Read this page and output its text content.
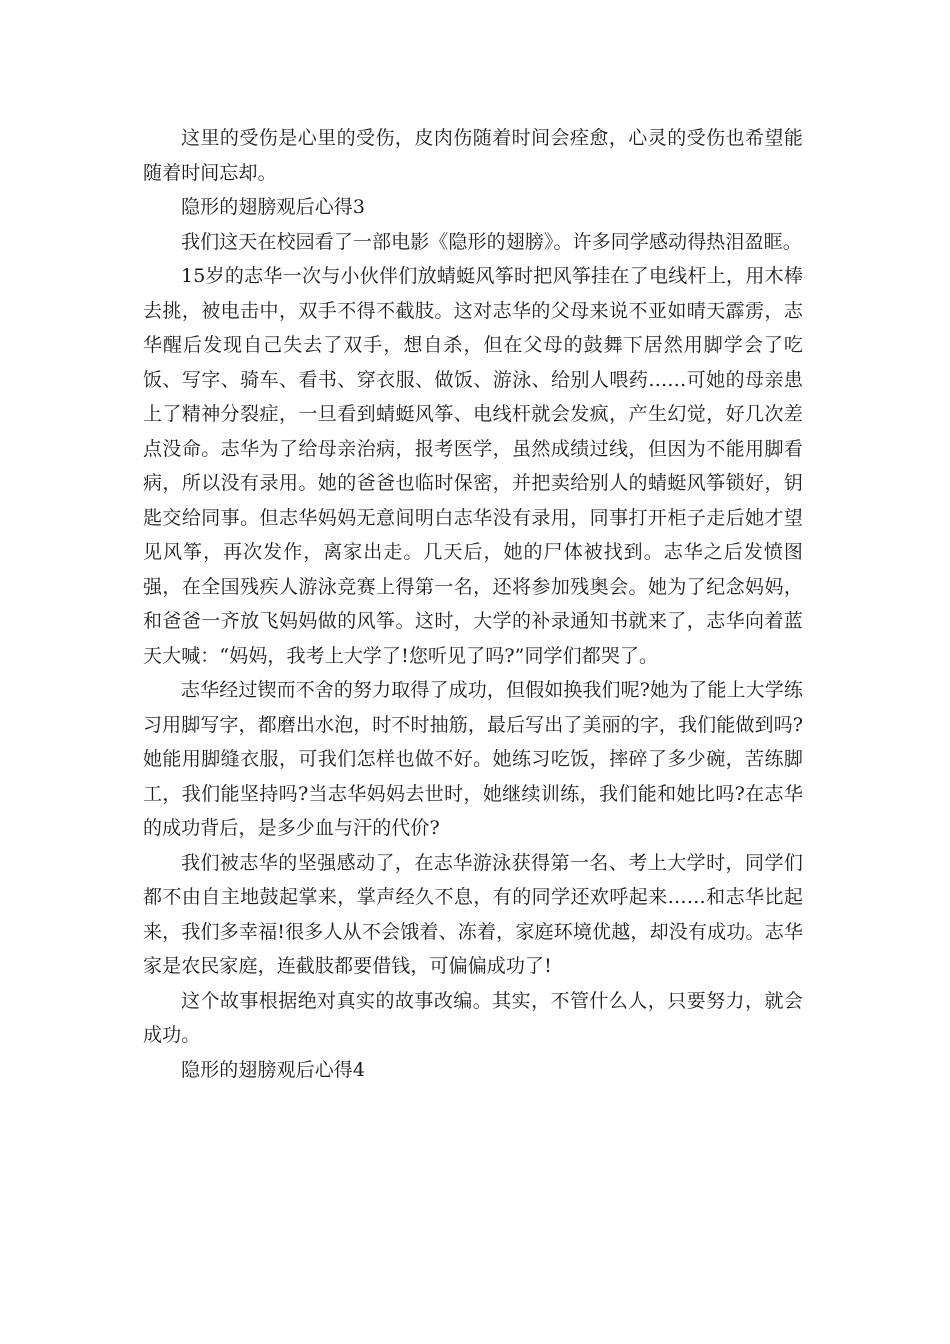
这里的受伤是心里的受伤，皮肉伤随着时间会痊愈，心灵的受伤也希望能随着时间忘却。

隐形的翅膀观后心得3

我们这天在校园看了一部电影《隐形的翅膀》。许多同学感动得热泪盈眶。

15岁的志华一次与小伙伴们放蜻蜓风筝时把风筝挂在了电线杆上，用木棒去挑，被电击中，双手不得不截肢。这对志华的父母来说不亚如晴天霹雳，志华醒后发现自己失去了双手，想自杀，但在父母的鼓舞下居然用脚学会了吃饭、写字、骑车、看书、穿衣服、做饭、游泳、给别人喂药……可她的母亲患上了精神分裂症，一旦看到蜻蜓风筝、电线杆就会发疯，产生幻觉，好几次差点没命。志华为了给母亲治病，报考医学，虽然成绩过线，但因为不能用脚看病，所以没有录用。她的爸爸也临时保密，并把卖给别人的蜻蜓风筝锁好，钥匙交给同事。但志华妈妈无意间明白志华没有录用，同事打开柜子走后她才望见风筝，再次发作，离家出走。几天后，她的尸体被找到。志华之后发愤图强，在全国残疾人游泳竞赛上得第一名，还将参加残奥会。她为了纪念妈妈，和爸爸一齐放飞妈妈做的风筝。这时，大学的补录通知书就来了，志华向着蓝天大喊：“妈妈，我考上大学了!您听见了吗?”同学们都哭了。

志华经过锲而不舍的努力取得了成功，但假如换我们呢?她为了能上大学练习用脚写字，都磨出水泡，时不时抽筋，最后写出了美丽的字，我们能做到吗?她能用脚缝衣服，可我们怎样也做不好。她练习吃饭，摔碎了多少碗，苦练脚工，我们能坚持吗?当志华妈妈去世时，她继续训练，我们能和她比吗?在志华的成功背后，是多少血与汗的代价?

我们被志华的坚强感动了，在志华游泳获得第一名、考上大学时，同学们都不由自主地鼓起掌来，掌声经久不息，有的同学还欢呼起来……和志华比起来，我们多幸福!很多人从不会饿着、冻着，家庭环境优越，却没有成功。志华家是农民家庭，连截肢都要借钱，可偏偏成功了!

这个故事根据绝对真实的故事改编。其实，不管什么人，只要努力，就会成功。

隐形的翅膀观后心得4
